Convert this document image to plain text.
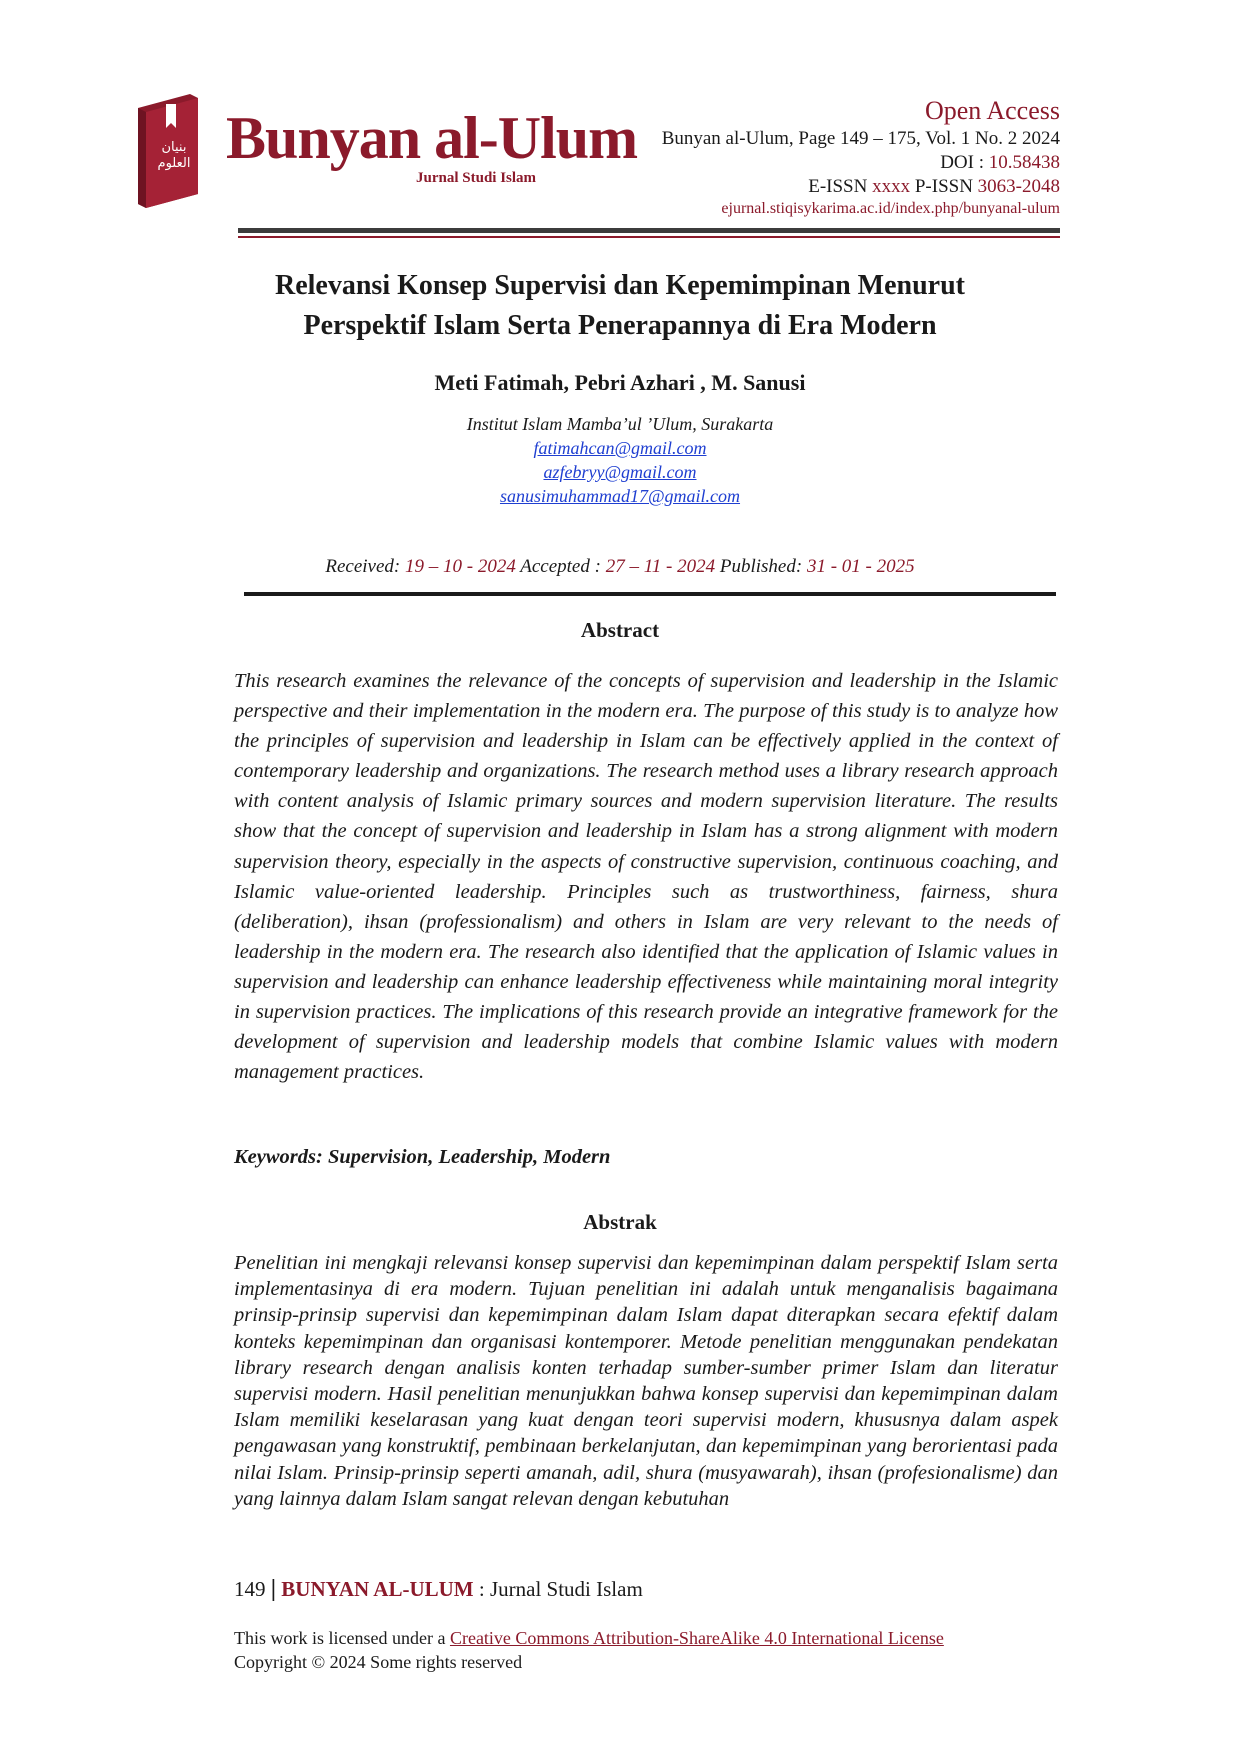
بنيان العلوم Bunyan al-Ulum
Jurnal Studi Islam
Open Access
Bunyan al-Ulum, Page 149 – 175, Vol. 1 No. 2 2024
DOI : 10.58438
E-ISSN xxxx P-ISSN 3063-2048
ejurnal.stiqisykarima.ac.id/index.php/bunyanal-ulum
Relevansi Konsep Supervisi dan Kepemimpinan Menurut
Perspektif Islam Serta Penerapannya di Era Modern
Meti Fatimah, Pebri Azhari , M. Sanusi
Institut Islam Mamba’ul ’Ulum, Surakarta
fatimahcan@gmail.com
azfebryy@gmail.com
sanusimuhammad17@gmail.com
Received: 19 – 10 - 2024 Accepted : 27 – 11 - 2024 Published: 31 - 01 - 2025
Abstract
This research examines the relevance of the concepts of supervision and leadership in the Islamic perspective and their implementation in the modern era. The purpose of this study is to analyze how the principles of supervision and leadership in Islam can be effectively applied in the context of contemporary leadership and organizations. The research method uses a library research approach with content analysis of Islamic primary sources and modern supervision literature. The results show that the concept of supervision and leadership in Islam has a strong alignment with modern supervision theory, especially in the aspects of constructive supervision, continuous coaching, and Islamic value-oriented leadership. Principles such as trustworthiness, fairness, shura (deliberation), ihsan (professionalism) and others in Islam are very relevant to the needs of leadership in the modern era. The research also identified that the application of Islamic values in supervision and leadership can enhance leadership effectiveness while maintaining moral integrity in supervision practices. The implications of this research provide an integrative framework for the development of supervision and leadership models that combine Islamic values with modern management practices.
Keywords: Supervision, Leadership, Modern
Abstrak
Penelitian ini mengkaji relevansi konsep supervisi dan kepemimpinan dalam perspektif Islam serta implementasinya di era modern. Tujuan penelitian ini adalah untuk menganalisis bagaimana prinsip-prinsip supervisi dan kepemimpinan dalam Islam dapat diterapkan secara efektif dalam konteks kepemimpinan dan organisasi kontemporer. Metode penelitian menggunakan pendekatan library research dengan analisis konten terhadap sumber-sumber primer Islam dan literatur supervisi modern. Hasil penelitian menunjukkan bahwa konsep supervisi dan kepemimpinan dalam Islam memiliki keselarasan yang kuat dengan teori supervisi modern, khususnya dalam aspek pengawasan yang konstruktif, pembinaan berkelanjutan, dan kepemimpinan yang berorientasi pada nilai Islam. Prinsip-prinsip seperti amanah, adil, shura (musyawarah), ihsan (profesionalisme) dan yang lainnya dalam Islam sangat relevan dengan kebutuhan
149 | BUNYAN AL-ULUM : Jurnal Studi Islam
This work is licensed under a Creative Commons Attribution-ShareAlike 4.0 International License
Copyright © 2024 Some rights reserved
